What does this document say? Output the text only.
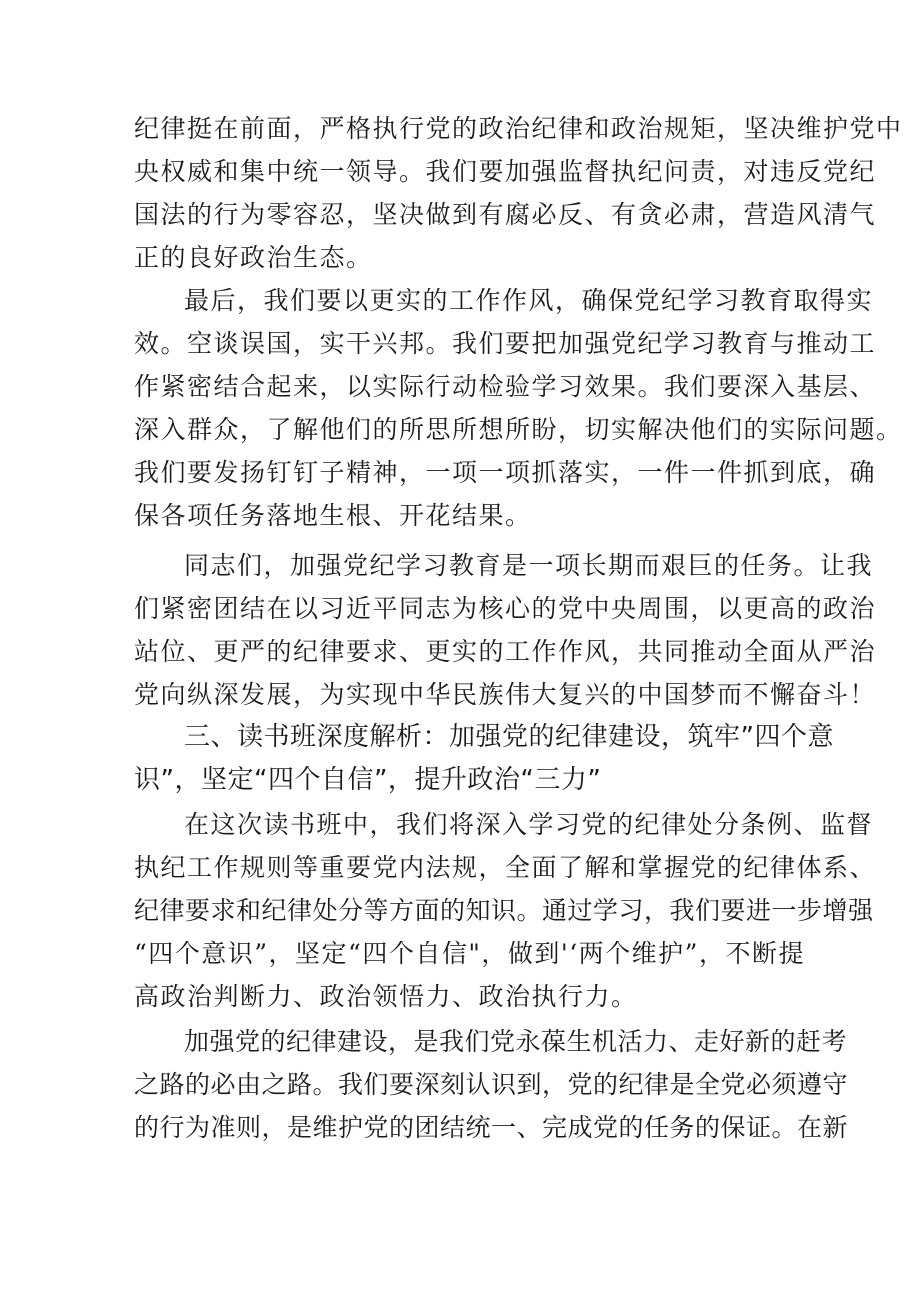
纪律挺在前面，严格执行党的政治纪律和政治规矩，坚决维护党中
央权威和集中统一领导。我们要加强监督执纪问责，对违反党纪
国法的行为零容忍，坚决做到有腐必反、有贪必肃，营造风清气
正的良好政治生态。
最后，我们要以更实的工作作风，确保党纪学习教育取得实
效。空谈误国，实干兴邦。我们要把加强党纪学习教育与推动工
作紧密结合起来，以实际行动检验学习效果。我们要深入基层、
深入群众，了解他们的所思所想所盼，切实解决他们的实际问题。
我们要发扬钉钉子精神，一项一项抓落实，一件一件抓到底，确
保各项任务落地生根、开花结果。
同志们，加强党纪学习教育是一项长期而艰巨的任务。让我
们紧密团结在以习近平同志为核心的党中央周围，以更高的政治
站位、更严的纪律要求、更实的工作作风，共同推动全面从严治
党向纵深发展，为实现中华民族伟大复兴的中国梦而不懈奋斗！
三、读书班深度解析：加强党的纪律建设，筑牢”四个意
识”，坚定“四个自信”，提升政治“三力”
在这次读书班中，我们将深入学习党的纪律处分条例、监督
执纪工作规则等重要党内法规，全面了解和掌握党的纪律体系、
纪律要求和纪律处分等方面的知识。通过学习，我们要进一步增强
“四个意识”，坚定“四个自信"，做到'‘两个维护”，不断提
高政治判断力、政治领悟力、政治执行力。
加强党的纪律建设，是我们党永葆生机活力、走好新的赶考
之路的必由之路。我们要深刻认识到，党的纪律是全党必须遵守
的行为准则，是维护党的团结统一、完成党的任务的保证。在新
